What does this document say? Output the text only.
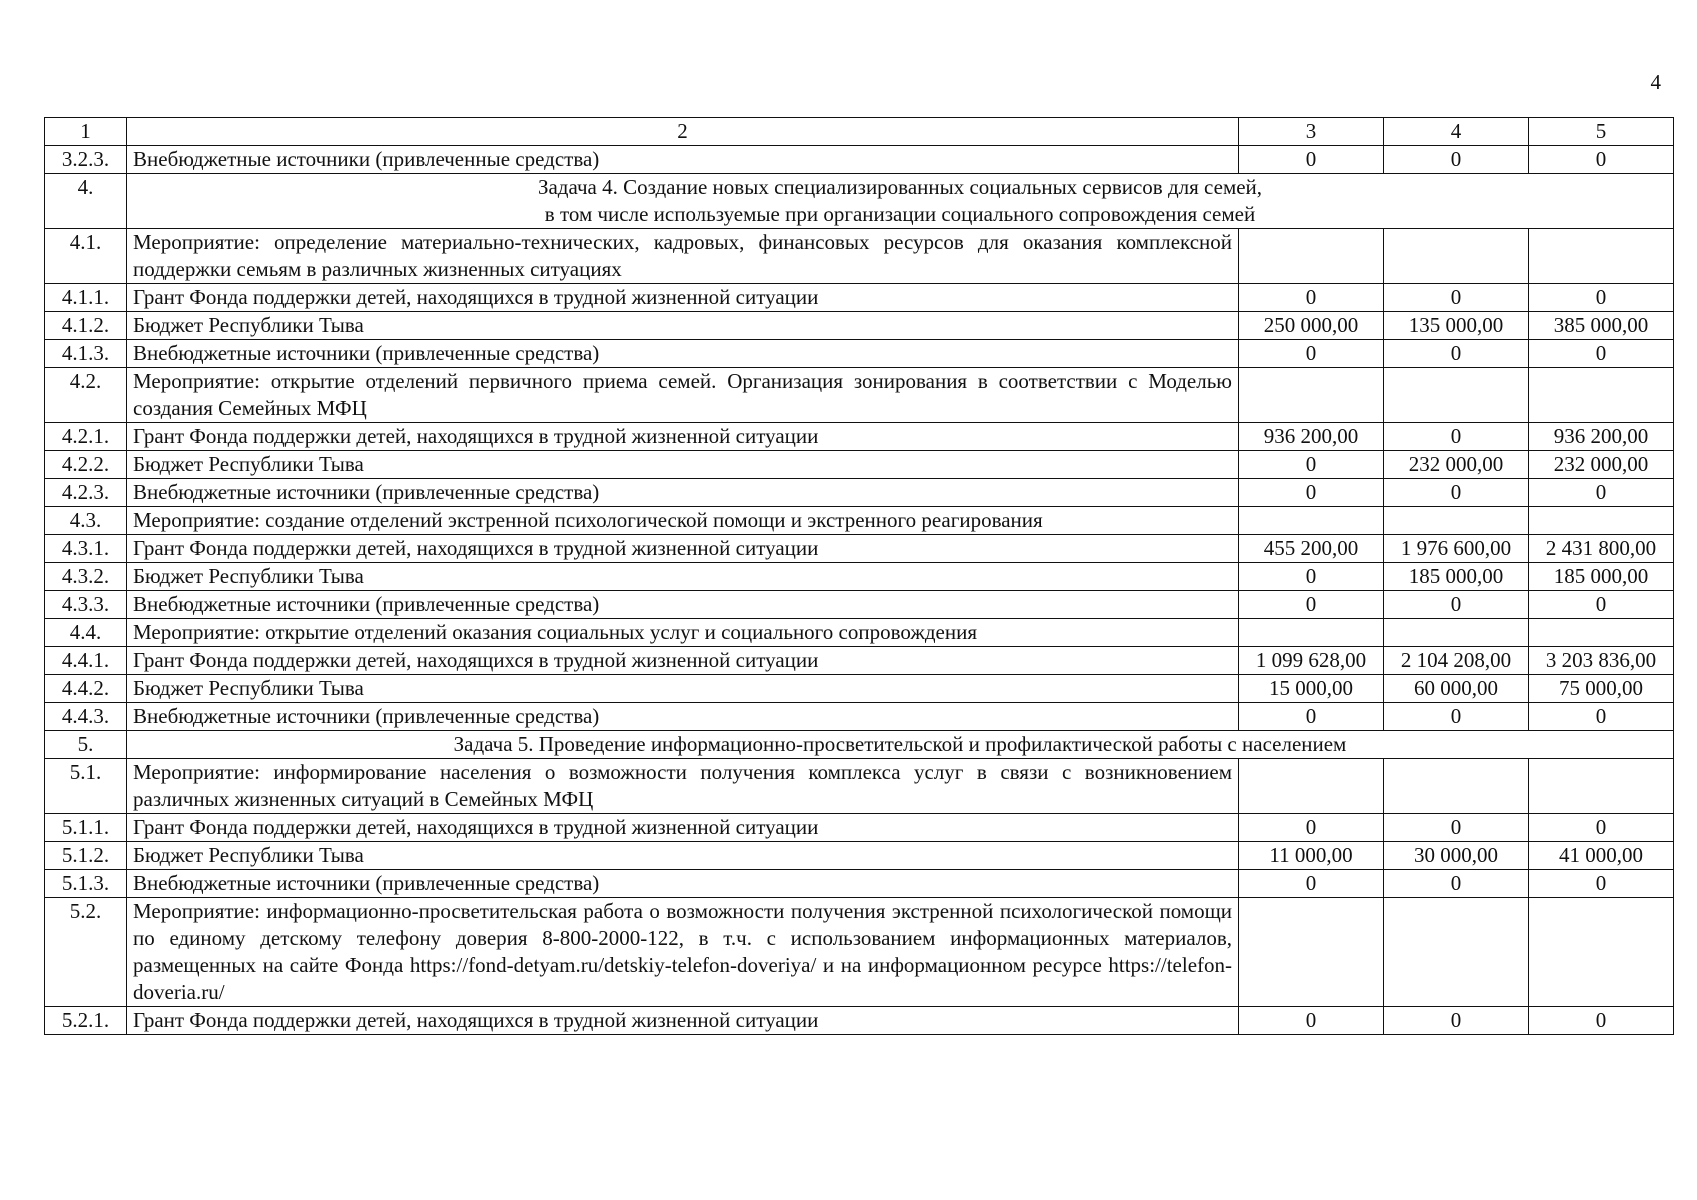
4
1	2	3	4	5
3.2.3.	Внебюджетные источники (привлеченные средства)	0	0	0
4.	Задача 4. Создание новых специализированных социальных сервисов для семей,
в том числе используемые при организации социального сопровождения семей			

4.1.	Мероприятие: определение материально-технических, кадровых, финансовых ресурсов для оказания комплексной поддержки семьям в различных жизненных ситуациях			
4.1.1.	Грант Фонда поддержки детей, находящихся в трудной жизненной ситуации	0	0	0
4.1.2.	Бюджет Республики Тыва	250 000,00	135 000,00	385 000,00
4.1.3.	Внебюджетные источники (привлеченные средства)	0	0	0
4.2.	Мероприятие: открытие отделений первичного приема семей. Организация зонирования в соответствии с Моделью создания Семейных МФЦ			
4.2.1.	Грант Фонда поддержки детей, находящихся в трудной жизненной ситуации	936 200,00	0	936 200,00
4.2.2.	Бюджет Республики Тыва	0	232 000,00	232 000,00
4.2.3.	Внебюджетные источники (привлеченные средства)	0	0	0
4.3.	Мероприятие: создание отделений экстренной психологической помощи и экстренного реагирования			
4.3.1.	Грант Фонда поддержки детей, находящихся в трудной жизненной ситуации	455 200,00	1 976 600,00	2 431 800,00
4.3.2.	Бюджет Республики Тыва	0	185 000,00	185 000,00
4.3.3.	Внебюджетные источники (привлеченные средства)	0	0	0
4.4.	Мероприятие: открытие отделений оказания социальных услуг и социального сопровождения			
4.4.1.	Грант Фонда поддержки детей, находящихся в трудной жизненной ситуации	1 099 628,00	2 104 208,00	3 203 836,00
4.4.2.	Бюджет Республики Тыва	15 000,00	60 000,00	75 000,00
4.4.3.	Внебюджетные источники (привлеченные средства)	0	0	0
5.	Задача 5. Проведение информационно-просветительской и профилактической работы с населением			

5.1.	Мероприятие: информирование населения о возможности получения комплекса услуг в связи с возникновением различных жизненных ситуаций в Семейных МФЦ			
5.1.1.	Грант Фонда поддержки детей, находящихся в трудной жизненной ситуации	0	0	0
5.1.2.	Бюджет Республики Тыва	11 000,00	30 000,00	41 000,00
5.1.3.	Внебюджетные источники (привлеченные средства)	0	0	0
5.2.	Мероприятие: информационно-просветительская работа о возможности получения экстренной психологической помощи по единому детскому телефону доверия 8-800-2000-122, в т.ч. с использованием информационных материалов, размещенных на сайте Фонда https://fond-detyam.ru/detskiy-telefon-doveriya/ и на информационном ресурсе https://telefon-doveria.ru/			
5.2.1.	Грант Фонда поддержки детей, находящихся в трудной жизненной ситуации	0	0	0
